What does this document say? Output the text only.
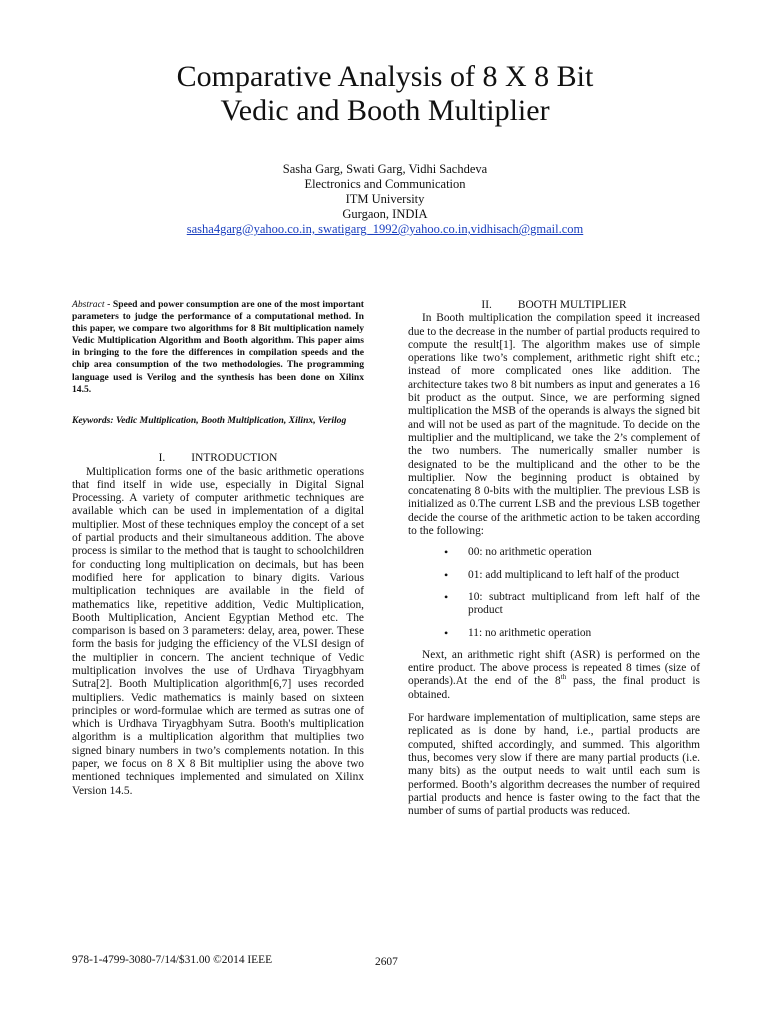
Comparative Analysis of 8 X 8 Bit
Vedic and Booth Multiplier
Sasha Garg, Swati Garg, Vidhi Sachdeva
Electronics and Communication
ITM University
Gurgaon, INDIA
sasha4garg@yahoo.co.in, swatigarg_1992@yahoo.co.in,vidhisach@gmail.com
Abstract - Speed and power consumption are one of the most important parameters to judge the performance of a computational method. In this paper, we compare two algorithms for 8 Bit multiplication namely Vedic Multiplication Algorithm and Booth algorithm. This paper aims in bringing to the fore the differences in compilation speeds and the chip area consumption of the two methodologies. The programming language used is Verilog and the synthesis has been done on Xilinx 14.5.
Keywords: Vedic Multiplication, Booth Multiplication, Xilinx, Verilog
I. INTRODUCTION

Multiplication forms one of the basic arithmetic operations that find itself in wide use, especially in Digital Signal Processing. A variety of computer arithmetic techniques are available which can be used in implementation of a digital multiplier. Most of these techniques employ the concept of a set of partial products and their simultaneous addition. The above process is similar to the method that is taught to schoolchildren for conducting long multiplication on decimals, but has been modified here for application to binary digits. Various multiplication techniques are available in the field of mathematics like, repetitive addition, Vedic Multiplication, Booth Multiplication, Ancient Egyptian Method etc. The comparison is based on 3 parameters: delay, area, power. These form the basis for judging the efficiency of the VLSI design of the multiplier in concern. The ancient technique of Vedic multiplication involves the use of Urdhava Tiryagbhyam Sutra[2]. Booth Multiplication algorithm[6,7] uses recorded multipliers. Vedic mathematics is mainly based on sixteen principles or word-formulae which are termed as sutras one of which is Urdhava Tiryagbhyam Sutra. Booth's multiplication algorithm is a multiplication algorithm that multiplies two signed binary numbers in two’s complements notation. In this paper, we focus on 8 X 8 Bit multiplier using the above two mentioned techniques implemented and simulated on Xilinx Version 14.5.

II. BOOTH MULTIPLIER

In Booth multiplication the compilation speed it increased due to the decrease in the number of partial products required to compute the result[1]. The algorithm makes use of simple operations like two’s complement, arithmetic right shift etc.; instead of more complicated ones like addition. The architecture takes two 8 bit numbers as input and generates a 16 bit product as the output. Since, we are performing signed multiplication the MSB of the operands is always the signed bit and will not be used as part of the magnitude. To decide on the multiplier and the multiplicand, we take the 2’s complement of the two numbers. The numerically smaller number is designated to be the multiplicand and the other to be the multiplier. Now the beginning product is obtained by concatenating 8 0-bits with the multiplier. The previous LSB is initialized as 0.The current LSB and the previous LSB together decide the course of the arithmetic action to be taken according to the following:

• 00: no arithmetic operation
• 01: add multiplicand to left half of the product
• 10: subtract multiplicand from left half of the product
• 11: no arithmetic operation

Next, an arithmetic right shift (ASR) is performed on the entire product. The above process is repeated 8 times (size of operands).At the end of the 8th pass, the final product is obtained.

For hardware implementation of multiplication, same steps are replicated as is done by hand, i.e., partial products are computed, shifted accordingly, and summed. This algorithm thus, becomes very slow if there are many partial products (i.e. many bits) as the output needs to wait until each sum is performed. Booth’s algorithm decreases the number of required partial products and hence is faster owing to the fact that the number of sums of partial products was reduced.

978-1-4799-3080-7/14/$31.00 ©2014 IEEE	2607
